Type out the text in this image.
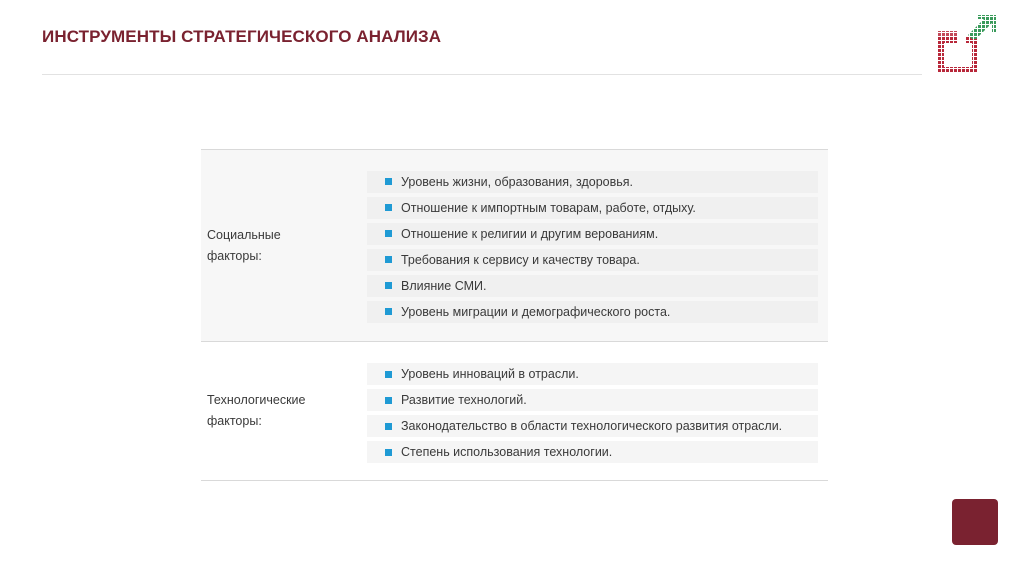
ИНСТРУМЕНТЫ СТРАТЕГИЧЕСКОГО АНАЛИЗА
Социальные
факторы:
Уровень жизни, образования, здоровья.
Отношение к импортным товарам, работе, отдыху.
Отношение к религии и другим верованиям.
Требования к сервису и качеству товара.
Влияние СМИ.
Уровень миграции и демографического роста.
Технологические
факторы:
Уровень инноваций в отрасли.
Развитие технологий.
Законодательство в области технологического развития отрасли.
Степень использования технологии.
